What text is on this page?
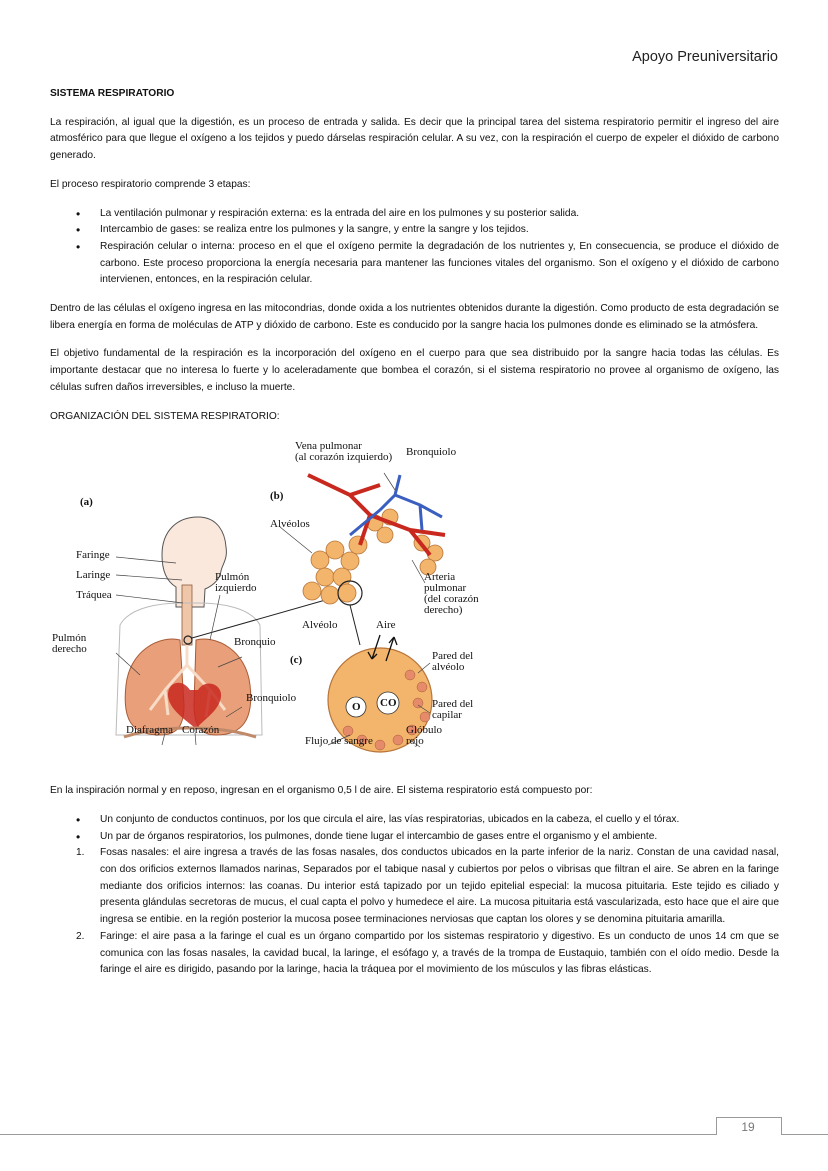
Apoyo Preuniversitario
SISTEMA RESPIRATORIO

La respiración, al igual que la digestión, es un proceso de entrada y salida. Es decir que la principal tarea del sistema respiratorio permitir el ingreso del aire atmosférico para que llegue el oxígeno a los tejidos y puedo dárselas respiración celular. A su vez, con la respiración el cuerpo de expeler el dióxido de carbono generado.

El proceso respiratorio comprende 3 etapas:

• La ventilación pulmonar y respiración externa: es la entrada del aire en los pulmones y su posterior salida.
• Intercambio de gases: se realiza entre los pulmones y la sangre, y entre la sangre y los tejidos.
• Respiración celular o interna: proceso en el que el oxígeno permite la degradación de los nutrientes y, En consecuencia, se produce el dióxido de carbono. Este proceso proporciona la energía necesaria para mantener las funciones vitales del organismo. Son el oxígeno y el dióxido de carbono intervienen, entonces, en la respiración celular.

Dentro de las células el oxígeno ingresa en las mitocondrias, donde oxida a los nutrientes obtenidos durante la digestión. Como producto de esta degradación se libera energía en forma de moléculas de ATP y dióxido de carbono. Este es conducido por la sangre hacia los pulmones donde es eliminado se la atmósfera.

El objetivo fundamental de la respiración es la incorporación del oxígeno en el cuerpo para que sea distribuido por la sangre hacia todas las células. Es importante destacar que no interesa lo fuerte y lo aceleradamente que bombea el corazón, si el sistema respiratorio no provee al organismo de oxígeno, las células sufren daños irreversibles, e incluso la muerte.

ORGANIZACIÓN DEL SISTEMA RESPIRATORIO:
(a)	(b)
(c)
Faringe
Laringe
Tráquea
Pulmón
derecho
Pulmón
izquierdo
Bronquio
Bronquiolo
Diafragma Corazón
Vena pulmonar
(al corazón izquierdo) Bronquiolo
Alvéolos
Arteria
pulmonar
(del corazón
derecho)
Alvéolo	Aire
Pared del
alvéolo
O CO	Pared del
capilar
Glóbulo
rojo
Flujo de sangre

En la inspiración normal y en reposo, ingresan en el organismo 0,5 l de aire. El sistema respiratorio está compuesto por:

• Un conjunto de conductos continuos, por los que circula el aire, las vías respiratorias, ubicados en la cabeza, el cuello y el tórax.
• Un par de órganos respiratorios, los pulmones, donde tiene lugar el intercambio de gases entre el organismo y el ambiente.
1. Fosas nasales: el aire ingresa a través de las fosas nasales, dos conductos ubicados en la parte inferior de la nariz. Constan de una cavidad nasal, con dos orificios externos llamados narinas, Separados por el tabique nasal y cubiertos por pelos o vibrisas que filtran el aire. Se abren en la faringe mediante dos orificios internos: las coanas. Du interior está tapizado por un tejido epitelial especial: la mucosa pituitaria. Este tejido es ciliado y presenta glándulas secretoras de mucus, el cual capta el polvo y humedece el aire. La mucosa pituitaria está vascularizada, esto hace que el aire que ingresa se entibie. en la región posterior la mucosa posee terminaciones nerviosas que captan los olores y se denomina pituitaria amarilla.
2. Faringe: el aire pasa a la faringe el cual es un órgano compartido por los sistemas respiratorio y digestivo. Es un conducto de unos 14 cm que se comunica con las fosas nasales, la cavidad bucal, la laringe, el esófago y, a través de la trompa de Eustaquio, también con el oído medio. Desde la faringe el aire es dirigido, pasando por la laringe, hacia la tráquea por el movimiento de los músculos y las fibras elásticas.
19
